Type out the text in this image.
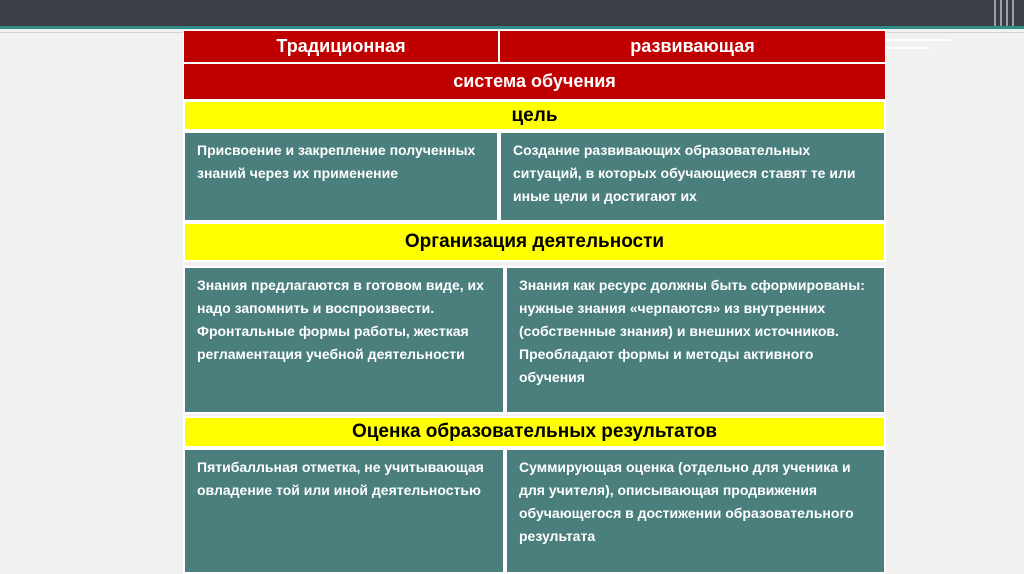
Традиционная	развивающая
система обучения
цель
Присвоение и закрепление полученных знаний через их применение
Создание развивающих образовательных ситуаций, в которых обучающиеся ставят те или иные цели и достигают их
Организация деятельности
Знания предлагаются в готовом виде, их надо запомнить и воспроизвести. Фронтальные формы работы, жесткая регламентация учебной деятельности
Знания как ресурс должны быть сформированы: нужные знания «черпаются» из внутренних (собственные знания) и внешних источников. Преобладают формы и методы активного обучения
Оценка образовательных результатов
Пятибалльная отметка, не учитывающая овладение той или иной деятельностью
Суммирующая оценка (отдельно для ученика и для учителя), описывающая продвижения обучающегося в достижении образовательного результата
